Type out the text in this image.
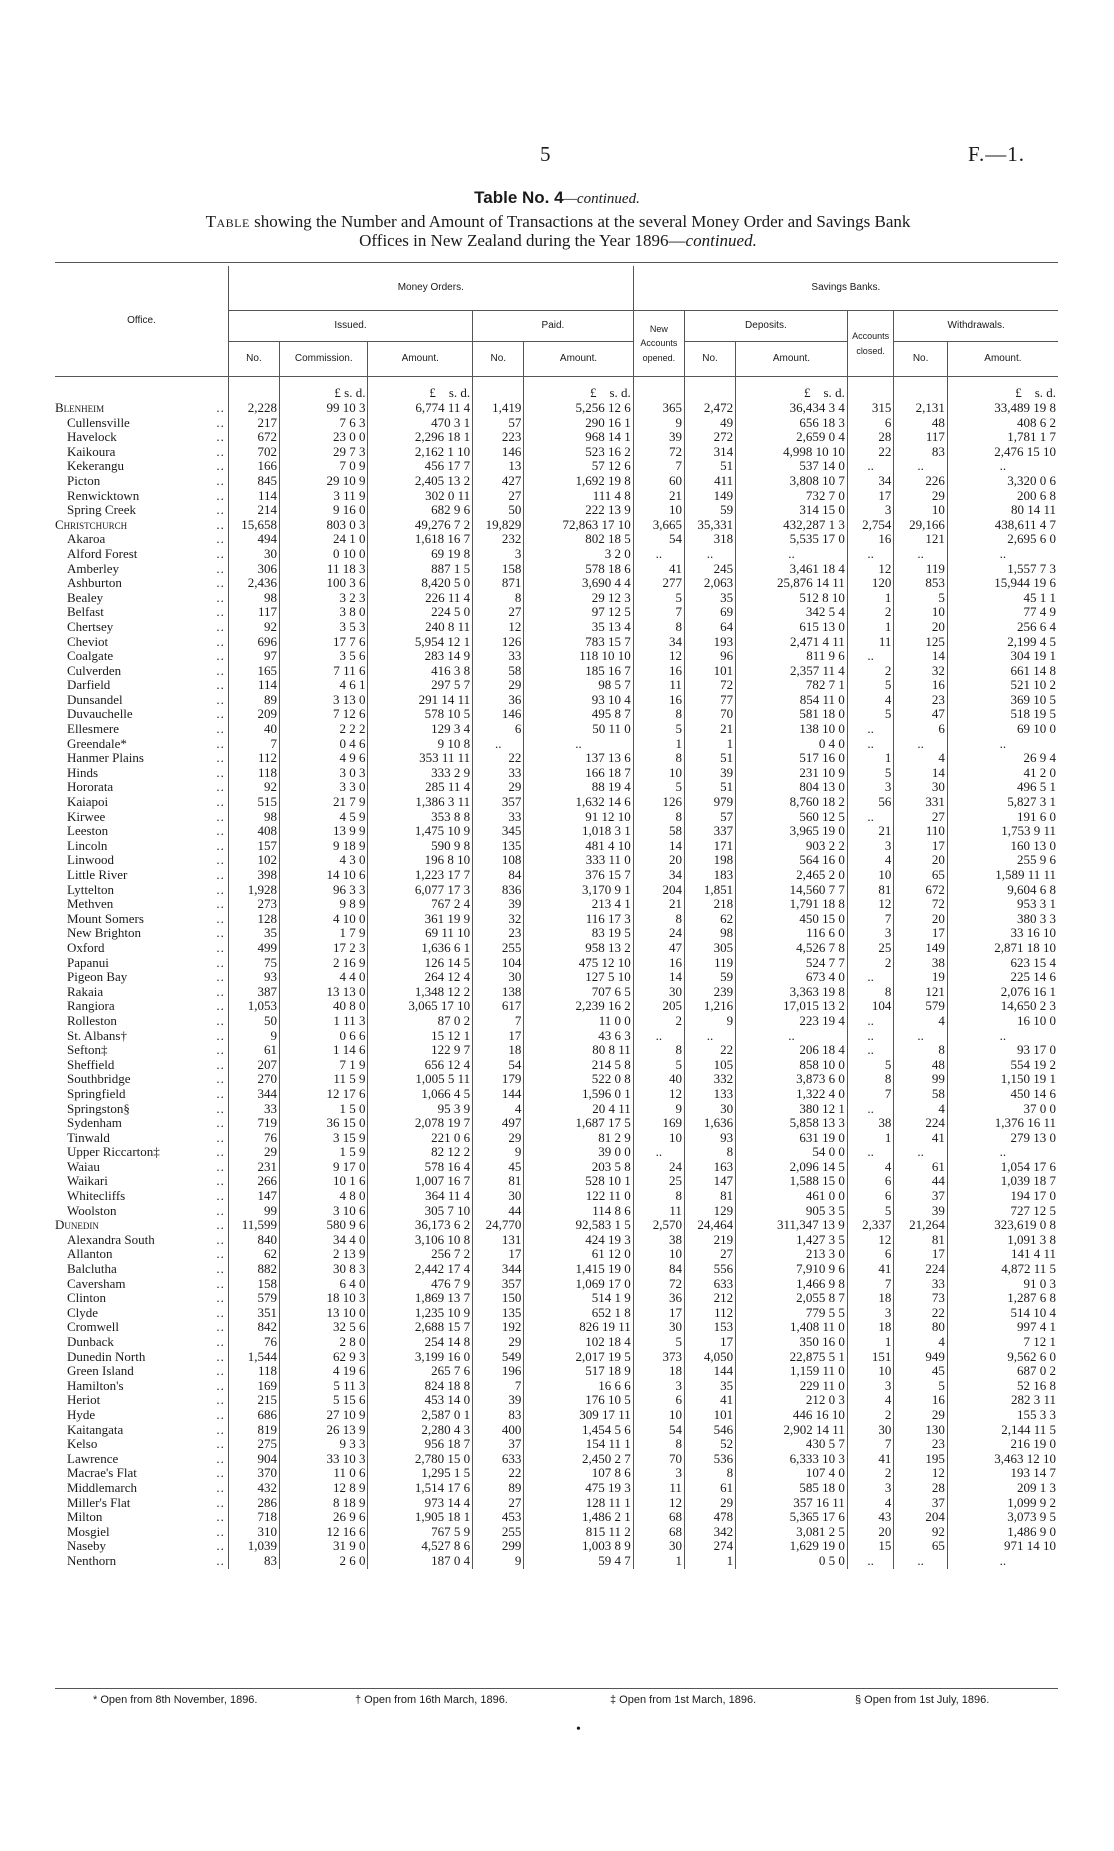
5	F.—1.
Table No. 4—continued.
Table showing the Number and Amount of Transactions at the several Money Order and Savings Bank
Offices in New Zealand during the Year 1896—continued.
Office.		Money Orders.					Savings Banks.					
		Issued.			Paid.		New Accounts opened.	Deposits.		Accounts closed.	Withdrawals.	
		No.	Commission.	Amount.	No.	Amount.		No.	Amount.		No.	Amount.
			£ s. d.	£ s. d.		£ s. d.			£ s. d.			£ s. d.
Blenheim	..	2,228	99 10 3	6,774 11 4	1,419	5,256 12 6	365	2,472	36,434 3 4	315	2,131	33,489 19 8
Cullensville	..	217	7 6 3	470 3 1	57	290 16 1	9	49	656 18 3	6	48	408 6 2
Havelock	..	672	23 0 0	2,296 18 1	223	968 14 1	39	272	2,659 0 4	28	117	1,781 1 7
Kaikoura	..	702	29 7 3	2,162 1 10	146	523 16 2	72	314	4,998 10 10	22	83	2,476 15 10
Kekerangu	..	166	7 0 9	456 17 7	13	57 12 6	7	51	537 14 0	..	..	..
Picton	..	845	29 10 9	2,405 13 2	427	1,692 19 8	60	411	3,808 10 7	34	226	3,320 0 6
Renwicktown	..	114	3 11 9	302 0 11	27	111 4 8	21	149	732 7 0	17	29	200 6 8
Spring Creek	..	214	9 16 0	682 9 6	50	222 13 9	10	59	314 15 0	3	10	80 14 11
Christchurch	..	15,658	803 0 3	49,276 7 2	19,829	72,863 17 10	3,665	35,331	432,287 1 3	2,754	29,166	438,611 4 7
Akaroa	..	494	24 1 0	1,618 16 7	232	802 18 5	54	318	5,535 17 0	16	121	2,695 6 0
Alford Forest	..	30	0 10 0	69 19 8	3	3 2 0	..	..	..	..	..	..
Amberley	..	306	11 18 3	887 1 5	158	578 18 6	41	245	3,461 18 4	12	119	1,557 7 3
Ashburton	..	2,436	100 3 6	8,420 5 0	871	3,690 4 4	277	2,063	25,876 14 11	120	853	15,944 19 6
Bealey	..	98	3 2 3	226 11 4	8	29 12 3	5	35	512 8 10	1	5	45 1 1
Belfast	..	117	3 8 0	224 5 0	27	97 12 5	7	69	342 5 4	2	10	77 4 9
Chertsey	..	92	3 5 3	240 8 11	12	35 13 4	8	64	615 13 0	1	20	256 6 4
Cheviot	..	696	17 7 6	5,954 12 1	126	783 15 7	34	193	2,471 4 11	11	125	2,199 4 5
Coalgate	..	97	3 5 6	283 14 9	33	118 10 10	12	96	811 9 6	..	14	304 19 1
Culverden	..	165	7 11 6	416 3 8	58	185 16 7	16	101	2,357 11 4	2	32	661 14 8
Darfield	..	114	4 6 1	297 5 7	29	98 5 7	11	72	782 7 1	5	16	521 10 2
Dunsandel	..	89	3 13 0	291 14 11	36	93 10 4	16	77	854 11 0	4	23	369 10 5
Duvauchelle	..	209	7 12 6	578 10 5	146	495 8 7	8	70	581 18 0	5	47	518 19 5
Ellesmere	..	40	2 2 2	129 3 4	6	50 11 0	5	21	138 10 0	..	6	69 10 0
Greendale*	..	7	0 4 6	9 10 8	..	..	1	1	0 4 0	..	..	..
Hanmer Plains	..	112	4 9 6	353 11 11	22	137 13 6	8	51	517 16 0	1	4	26 9 4
Hinds	..	118	3 0 3	333 2 9	33	166 18 7	10	39	231 10 9	5	14	41 2 0
Hororata	..	92	3 3 0	285 11 4	29	88 19 4	5	51	804 13 0	3	30	496 5 1
Kaiapoi	..	515	21 7 9	1,386 3 11	357	1,632 14 6	126	979	8,760 18 2	56	331	5,827 3 1
Kirwee	..	98	4 5 9	353 8 8	33	91 12 10	8	57	560 12 5	..	27	191 6 0
Leeston	..	408	13 9 9	1,475 10 9	345	1,018 3 1	58	337	3,965 19 0	21	110	1,753 9 11
Lincoln	..	157	9 18 9	590 9 8	135	481 4 10	14	171	903 2 2	3	17	160 13 0
Linwood	..	102	4 3 0	196 8 10	108	333 11 0	20	198	564 16 0	4	20	255 9 6
Little River	..	398	14 10 6	1,223 17 7	84	376 15 7	34	183	2,465 2 0	10	65	1,589 11 11
Lyttelton	..	1,928	96 3 3	6,077 17 3	836	3,170 9 1	204	1,851	14,560 7 7	81	672	9,604 6 8
Methven	..	273	9 8 9	767 2 4	39	213 4 1	21	218	1,791 18 8	12	72	953 3 1
Mount Somers	..	128	4 10 0	361 19 9	32	116 17 3	8	62	450 15 0	7	20	380 3 3
New Brighton	..	35	1 7 9	69 11 10	23	83 19 5	24	98	116 6 0	3	17	33 16 10
Oxford	..	499	17 2 3	1,636 6 1	255	958 13 2	47	305	4,526 7 8	25	149	2,871 18 10
Papanui	..	75	2 16 9	126 14 5	104	475 12 10	16	119	524 7 7	2	38	623 15 4
Pigeon Bay	..	93	4 4 0	264 12 4	30	127 5 10	14	59	673 4 0	..	19	225 14 6
Rakaia	..	387	13 13 0	1,348 12 2	138	707 6 5	30	239	3,363 19 8	8	121	2,076 16 1
Rangiora	..	1,053	40 8 0	3,065 17 10	617	2,239 16 2	205	1,216	17,015 13 2	104	579	14,650 2 3
Rolleston	..	50	1 11 3	87 0 2	7	11 0 0	2	9	223 19 4	..	4	16 10 0
St. Albans†	..	9	0 6 6	15 12 1	17	43 6 3	..	..	..	..	..	..
Sefton‡	..	61	1 14 6	122 9 7	18	80 8 11	8	22	206 18 4	..	8	93 17 0
Sheffield	..	207	7 1 9	656 12 4	54	214 5 8	5	105	858 10 0	5	48	554 19 2
Southbridge	..	270	11 5 9	1,005 5 11	179	522 0 8	40	332	3,873 6 0	8	99	1,150 19 1
Springfield	..	344	12 17 6	1,066 4 5	144	1,596 0 1	12	133	1,322 4 0	7	58	450 14 6
Springston§	..	33	1 5 0	95 3 9	4	20 4 11	9	30	380 12 1	..	4	37 0 0
Sydenham	..	719	36 15 0	2,078 19 7	497	1,687 17 5	169	1,636	5,858 13 3	38	224	1,376 16 11
Tinwald	..	76	3 15 9	221 0 6	29	81 2 9	10	93	631 19 0	1	41	279 13 0
Upper Riccarton‡	..	29	1 5 9	82 12 2	9	39 0 0	..	8	54 0 0	..	..	..
Waiau	..	231	9 17 0	578 16 4	45	203 5 8	24	163	2,096 14 5	4	61	1,054 17 6
Waikari	..	266	10 1 6	1,007 16 7	81	528 10 1	25	147	1,588 15 0	6	44	1,039 18 7
Whitecliffs	..	147	4 8 0	364 11 4	30	122 11 0	8	81	461 0 0	6	37	194 17 0
Woolston	..	99	3 10 6	305 7 10	44	114 8 6	11	129	905 3 5	5	39	727 12 5
Dunedin	..	11,599	580 9 6	36,173 6 2	24,770	92,583 1 5	2,570	24,464	311,347 13 9	2,337	21,264	323,619 0 8
Alexandra South	..	840	34 4 0	3,106 10 8	131	424 19 3	38	219	1,427 3 5	12	81	1,091 3 8
Allanton	..	62	2 13 9	256 7 2	17	61 12 0	10	27	213 3 0	6	17	141 4 11
Balclutha	..	882	30 8 3	2,442 17 4	344	1,415 19 0	84	556	7,910 9 6	41	224	4,872 11 5
Caversham	..	158	6 4 0	476 7 9	357	1,069 17 0	72	633	1,466 9 8	7	33	91 0 3
Clinton	..	579	18 10 3	1,869 13 7	150	514 1 9	36	212	2,055 8 7	18	73	1,287 6 8
Clyde	..	351	13 10 0	1,235 10 9	135	652 1 8	17	112	779 5 5	3	22	514 10 4
Cromwell	..	842	32 5 6	2,688 15 7	192	826 19 11	30	153	1,408 11 0	18	80	997 4 1
Dunback	..	76	2 8 0	254 14 8	29	102 18 4	5	17	350 16 0	1	4	7 12 1
Dunedin North	..	1,544	62 9 3	3,199 16 0	549	2,017 19 5	373	4,050	22,875 5 1	151	949	9,562 6 0
Green Island	..	118	4 19 6	265 7 6	196	517 18 9	18	144	1,159 11 0	10	45	687 0 2
Hamilton's	..	169	5 11 3	824 18 8	7	16 6 6	3	35	229 11 0	3	5	52 16 8
Heriot	..	215	5 15 6	453 14 0	39	176 10 5	6	41	212 0 3	4	16	282 3 11
Hyde	..	686	27 10 9	2,587 0 1	83	309 17 11	10	101	446 16 10	2	29	155 3 3
Kaitangata	..	819	26 13 9	2,280 4 3	400	1,454 5 6	54	546	2,902 14 11	30	130	2,144 11 5
Kelso	..	275	9 3 3	956 18 7	37	154 11 1	8	52	430 5 7	7	23	216 19 0
Lawrence	..	904	33 10 3	2,780 15 0	633	2,450 2 7	70	536	6,333 10 3	41	195	3,463 12 10
Macrae's Flat	..	370	11 0 6	1,295 1 5	22	107 8 6	3	8	107 4 0	2	12	193 14 7
Middlemarch	..	432	12 8 9	1,514 17 6	89	475 19 3	11	61	585 18 0	3	28	209 1 3
Miller's Flat	..	286	8 18 9	973 14 4	27	128 11 1	12	29	357 16 11	4	37	1,099 9 2
Milton	..	718	26 9 6	1,905 18 1	453	1,486 2 1	68	478	5,365 17 6	43	204	3,073 9 5
Mosgiel	..	310	12 16 6	767 5 9	255	815 11 2	68	342	3,081 2 5	20	92	1,486 9 0
Naseby	..	1,039	31 9 0	4,527 8 6	299	1,003 8 9	30	274	1,629 19 0	15	65	971 14 10
Nenthorn	..	83	2 6 0	187 0 4	9	59 4 7	1	1	0 5 0	..	..	..
* Open from 8th November, 1896.	† Open from 16th March, 1896.	‡ Open from 1st March, 1896.	§ Open from 1st July, 1896.
•
